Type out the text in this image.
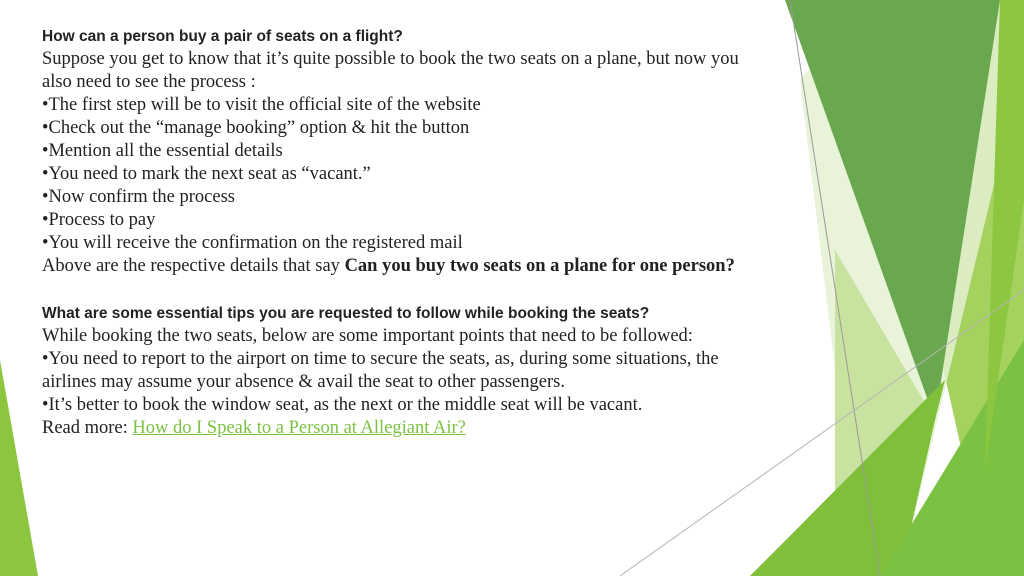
How can a person buy a pair of seats on a flight?

Suppose you get to know that it’s quite possible to book the two seats on a plane, but now you also need to see the process :

•The first step will be to visit the official site of the website

•Check out the “manage booking” option & hit the button

•Mention all the essential details

•You need to mark the next seat as “vacant.”

•Now confirm the process

•Process to pay

•You will receive the confirmation on the registered mail

Above are the respective details that say Can you buy two seats on a plane for one person?

What are some essential tips you are requested to follow while booking the seats?

While booking the two seats, below are some important points that need to be followed:

•You need to report to the airport on time to secure the seats, as, during some situations, the airlines may assume your absence & avail the seat to other passengers.

•It’s better to book the window seat, as the next or the middle seat will be vacant.

Read more: How do I Speak to a Person at Allegiant Air?
